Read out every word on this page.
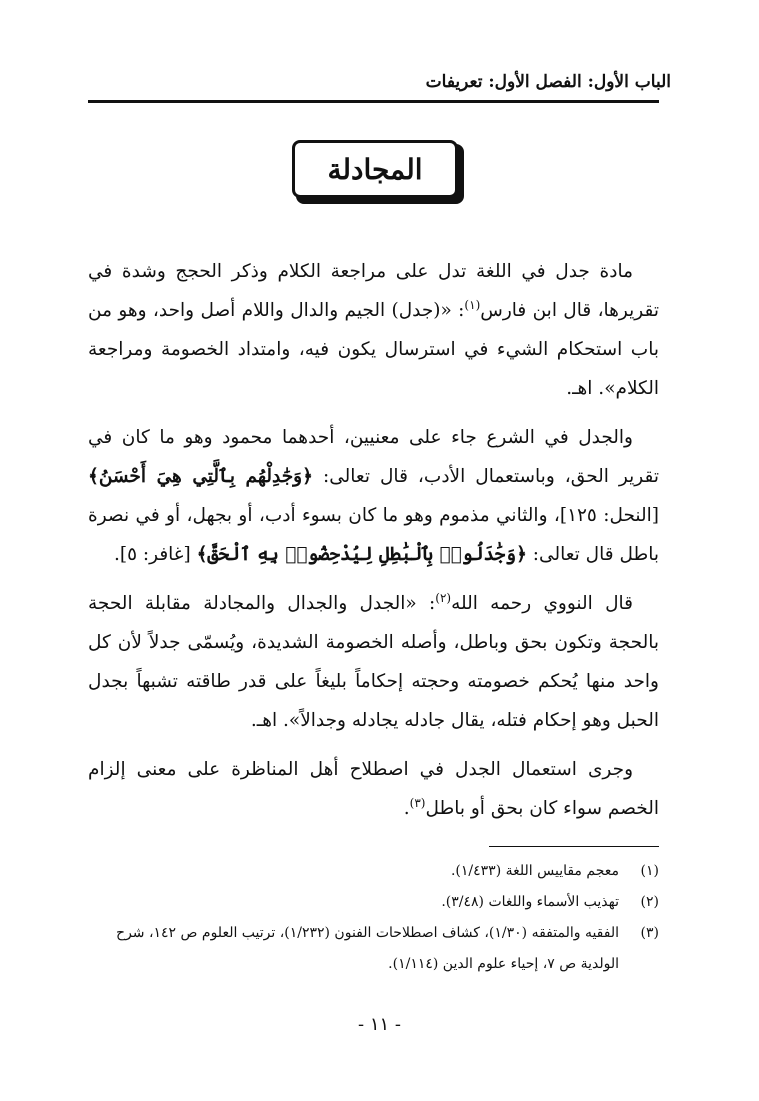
الباب الأول: الفصل الأول: تعريفات
المجادلة

مادة جدل في اللغة تدل على مراجعة الكلام وذكر الحجج وشدة في تقريرها، قال ابن فارس$^{(١)}$: «(جدل) الجيم والدال واللام أصل واحد، وهو من باب استحكام الشيء في استرسال يكون فيه، وامتداد الخصومة ومراجعة الكلام». اهـ.

والجدل في الشرع جاء على معنيين، أحدهما محمود وهو ما كان في تقرير الحق، وباستعمال الأدب، قال تعالى: ﴿وَجَٰدِلْهُم بِٱلَّتِي هِيَ أَحْسَنُ﴾ [النحل: ١٢٥]، والثاني مذموم وهو ما كان بسوء أدب، أو بجهل، أو في نصرة باطل قال تعالى: ﴿وَجَٰدَلُوا۟ بِٱلْبَٰطِلِ لِيُدْحِضُوا۟ بِهِ ٱلْحَقَّ﴾ [غافر: ٥].

قال النووي رحمه الله$^{(٢)}$: «الجدل والجدال والمجادلة مقابلة الحجة بالحجة وتكون بحق وباطل، وأصله الخصومة الشديدة، ويُسمّى جدلاً لأن كل واحد منها يُحكم خصومته وحجته إحكاماً بليغاً على قدر طاقته تشبهاً بجدل الحبل وهو إحكام فتله، يقال جادله يجادله وجدالاً». اهـ.

وجرى استعمال الجدل في اصطلاح أهل المناظرة على معنى إلزام الخصم سواء كان بحق أو باطل$^{(٣)}$.

(١)
معجم مقاييس اللغة (١/٤٣٣).
(٢)
تهذيب الأسماء واللغات (٣/٤٨).
(٣)
الفقيه والمتفقه (١/٣٠)، كشاف اصطلاحات الفنون (١/٢٣٢)، ترتيب العلوم ص ١٤٢، شرح الولدية ص ٧، إحياء علوم الدين (١/١١٤).
- ١١ -
